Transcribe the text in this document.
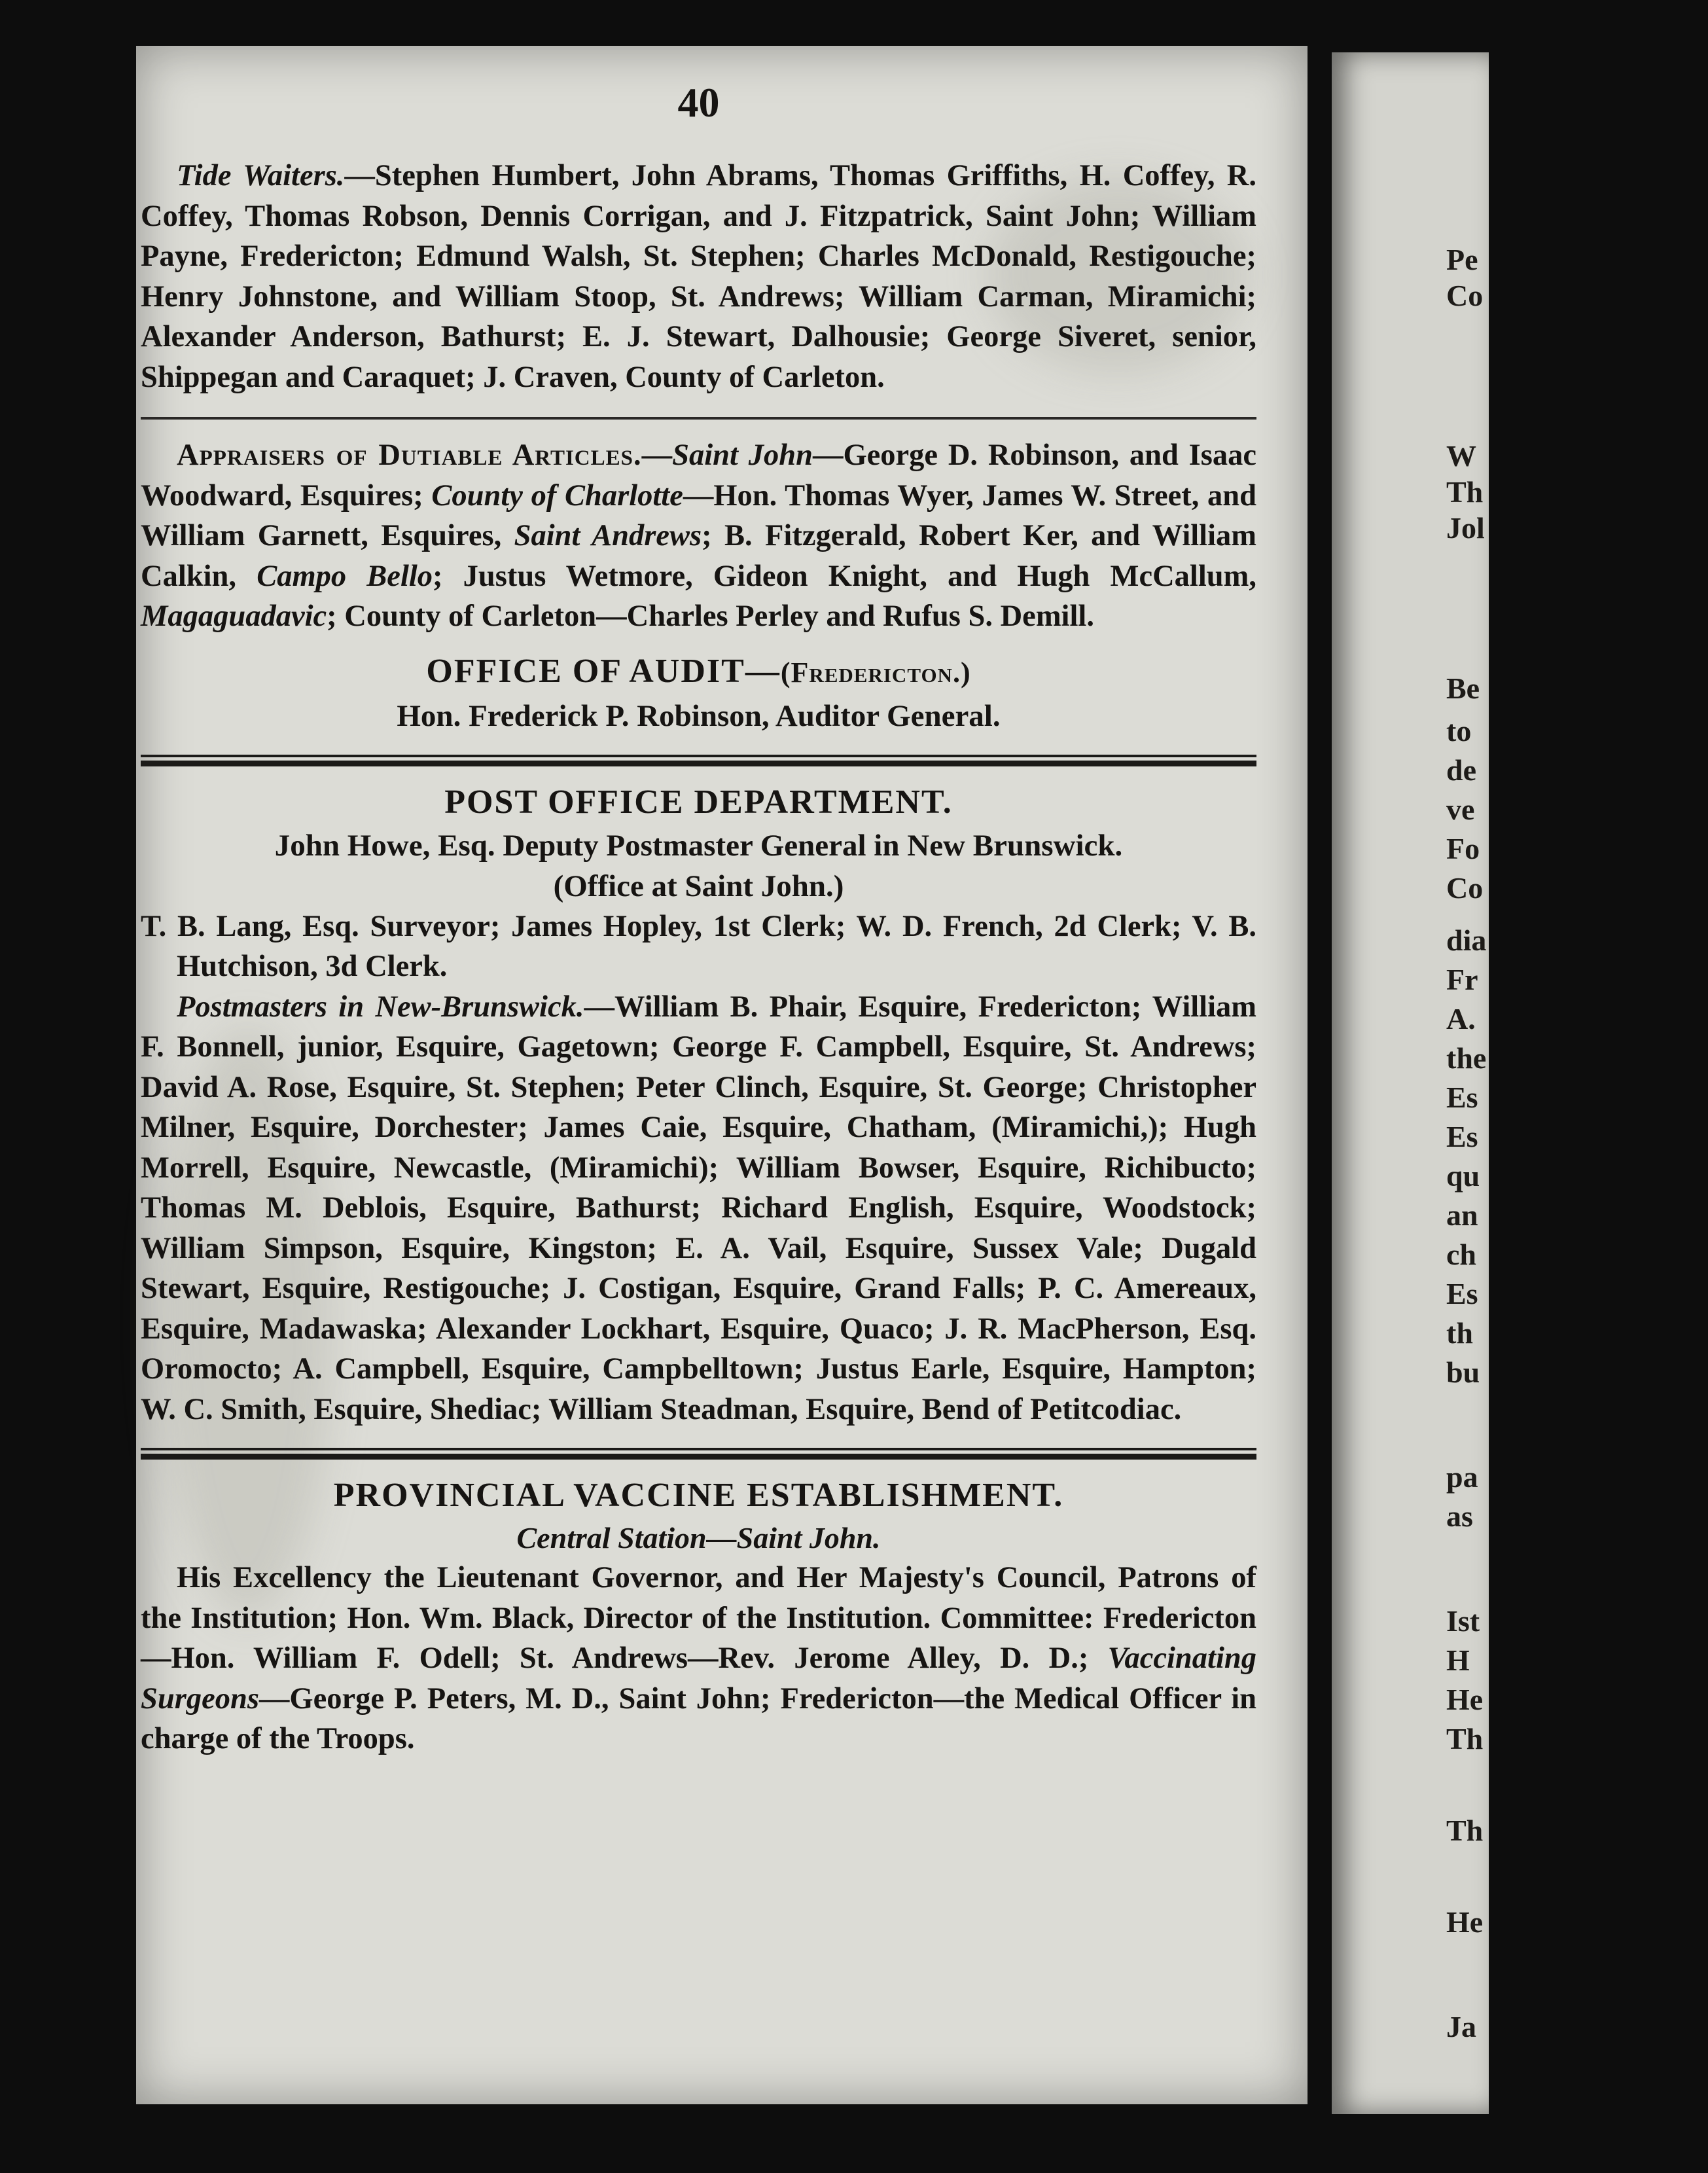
Pe
Co
W
Th
Jol
Be
to
de
ve
Fo
Co
dia
Fr
A.
the
Es
Es
qu
an
ch
Es
th
bu
pa
as
Ist
H
He
Th
Th
He
Ja
40
Tide Waiters.—Stephen Humbert, John Abrams, Thomas Griffiths, H. Coffey, R. Coffey, Thomas Robson, Dennis Corrigan, and J. Fitzpatrick, Saint John; William Payne, Fredericton; Edmund Walsh, St. Stephen; Charles McDonald, Restigouche; Henry Johnstone, and William Stoop, St. Andrews; William Carman, Miramichi; Alexander Anderson, Bathurst; E. J. Stewart, Dalhousie; George Siveret, senior, Shippegan and Caraquet; J. Craven, County of Carleton.
Appraisers of Dutiable Articles.—Saint John—George D. Robinson, and Isaac Woodward, Esquires; County of Charlotte—Hon. Thomas Wyer, James W. Street, and William Garnett, Esquires, Saint Andrews; B. Fitzgerald, Robert Ker, and William Calkin, Campo Bello; Justus Wetmore, Gideon Knight, and Hugh McCallum, Magaguadavic; County of Carleton—Charles Perley and Rufus S. Demill.
OFFICE OF AUDIT—(Fredericton.)
Hon. Frederick P. Robinson, Auditor General.
POST OFFICE DEPARTMENT.
John Howe, Esq. Deputy Postmaster General in New Brunswick.
(Office at Saint John.)
T. B. Lang, Esq. Surveyor; James Hopley, 1st Clerk; W. D. French, 2d Clerk; V. B. Hutchison, 3d Clerk.
Postmasters in New-Brunswick.—William B. Phair, Esquire, Fredericton; William F. Bonnell, junior, Esquire, Gagetown; George F. Campbell, Esquire, St. Andrews; David A. Rose, Esquire, St. Stephen; Peter Clinch, Esquire, St. George; Christopher Milner, Esquire, Dorchester; James Caie, Esquire, Chatham, (Miramichi,); Hugh Morrell, Esquire, Newcastle, (Miramichi); William Bowser, Esquire, Richibucto; Thomas M. Deblois, Esquire, Bathurst; Richard English, Esquire, Woodstock; William Simpson, Esquire, Kingston; E. A. Vail, Esquire, Sussex Vale; Dugald Stewart, Esquire, Restigouche; J. Costigan, Esquire, Grand Falls; P. C. Amereaux, Esquire, Madawaska; Alexander Lockhart, Esquire, Quaco; J. R. MacPherson, Esq. Oromocto; A. Campbell, Esquire, Campbelltown; Justus Earle, Esquire, Hampton; W. C. Smith, Esquire, Shediac; William Steadman, Esquire, Bend of Petitcodiac.
PROVINCIAL VACCINE ESTABLISHMENT.
Central Station—Saint John.
His Excellency the Lieutenant Governor, and Her Majesty's Council, Patrons of the Institution; Hon. Wm. Black, Director of the Institution. Committee: Fredericton—Hon. William F. Odell; St. Andrews—Rev. Jerome Alley, D. D.; Vaccinating Surgeons—George P. Peters, M. D., Saint John; Fredericton—the Medical Officer in charge of the Troops.
